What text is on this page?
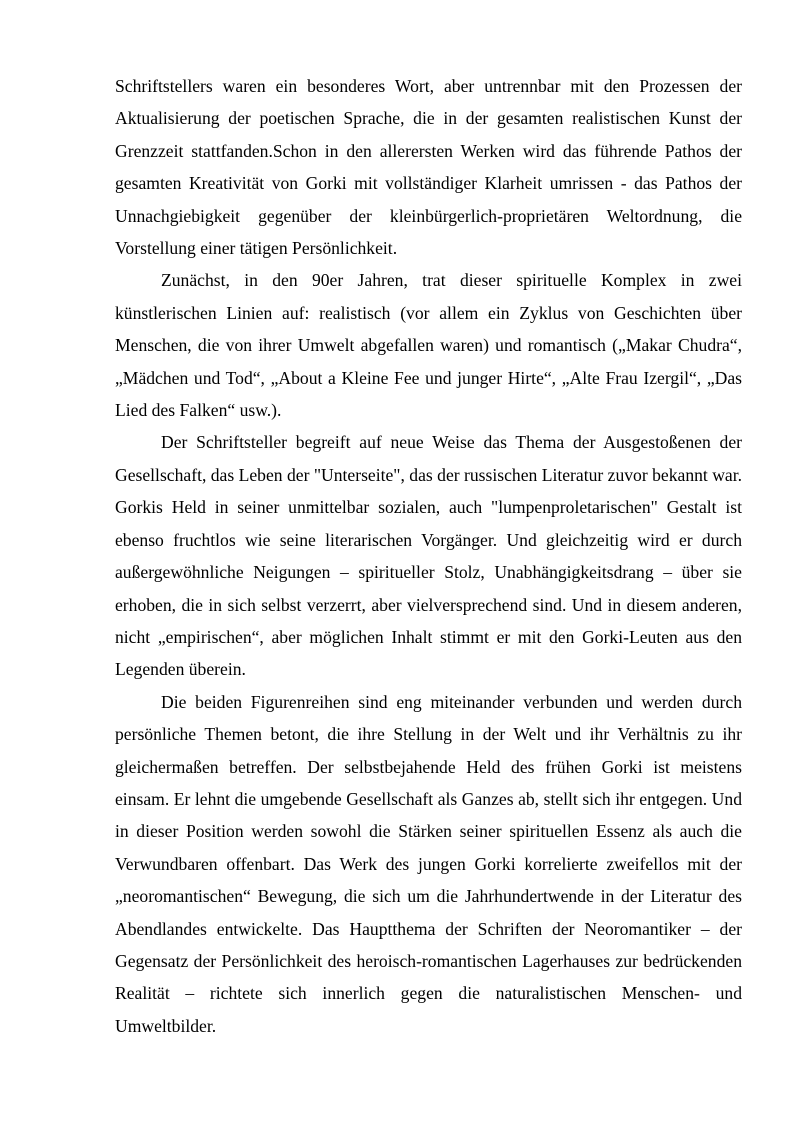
Schriftstellers waren ein besonderes Wort, aber untrennbar mit den Prozessen der Aktualisierung der poetischen Sprache, die in der gesamten realistischen Kunst der Grenzzeit stattfanden.Schon in den allerersten Werken wird das führende Pathos der gesamten Kreativität von Gorki mit vollständiger Klarheit umrissen - das Pathos der Unnachgiebigkeit gegenüber der kleinbürgerlich-proprietären Weltordnung, die Vorstellung einer tätigen Persönlichkeit.

Zunächst, in den 90er Jahren, trat dieser spirituelle Komplex in zwei künstlerischen Linien auf: realistisch (vor allem ein Zyklus von Geschichten über Menschen, die von ihrer Umwelt abgefallen waren) und romantisch („Makar Chudra“, „Mädchen und Tod“, „About a Kleine Fee und junger Hirte“, „Alte Frau Izergil“, „Das Lied des Falken“ usw.).

Der Schriftsteller begreift auf neue Weise das Thema der Ausgestoßenen der Gesellschaft, das Leben der "Unterseite", das der russischen Literatur zuvor bekannt war. Gorkis Held in seiner unmittelbar sozialen, auch "lumpenproletarischen" Gestalt ist ebenso fruchtlos wie seine literarischen Vorgänger. Und gleichzeitig wird er durch außergewöhnliche Neigungen – spiritueller Stolz, Unabhängigkeitsdrang – über sie erhoben, die in sich selbst verzerrt, aber vielversprechend sind. Und in diesem anderen, nicht „empirischen“, aber möglichen Inhalt stimmt er mit den Gorki-Leuten aus den Legenden überein.

Die beiden Figurenreihen sind eng miteinander verbunden und werden durch persönliche Themen betont, die ihre Stellung in der Welt und ihr Verhältnis zu ihr gleichermaßen betreffen. Der selbstbejahende Held des frühen Gorki ist meistens einsam. Er lehnt die umgebende Gesellschaft als Ganzes ab, stellt sich ihr entgegen. Und in dieser Position werden sowohl die Stärken seiner spirituellen Essenz als auch die Verwundbaren offenbart. Das Werk des jungen Gorki korrelierte zweifellos mit der „neoromantischen“ Bewegung, die sich um die Jahrhundertwende in der Literatur des Abendlandes entwickelte. Das Hauptthema der Schriften der Neoromantiker – der Gegensatz der Persönlichkeit des heroisch-romantischen Lagerhauses zur bedrückenden Realität – richtete sich innerlich gegen die naturalistischen Menschen- und Umweltbilder.
